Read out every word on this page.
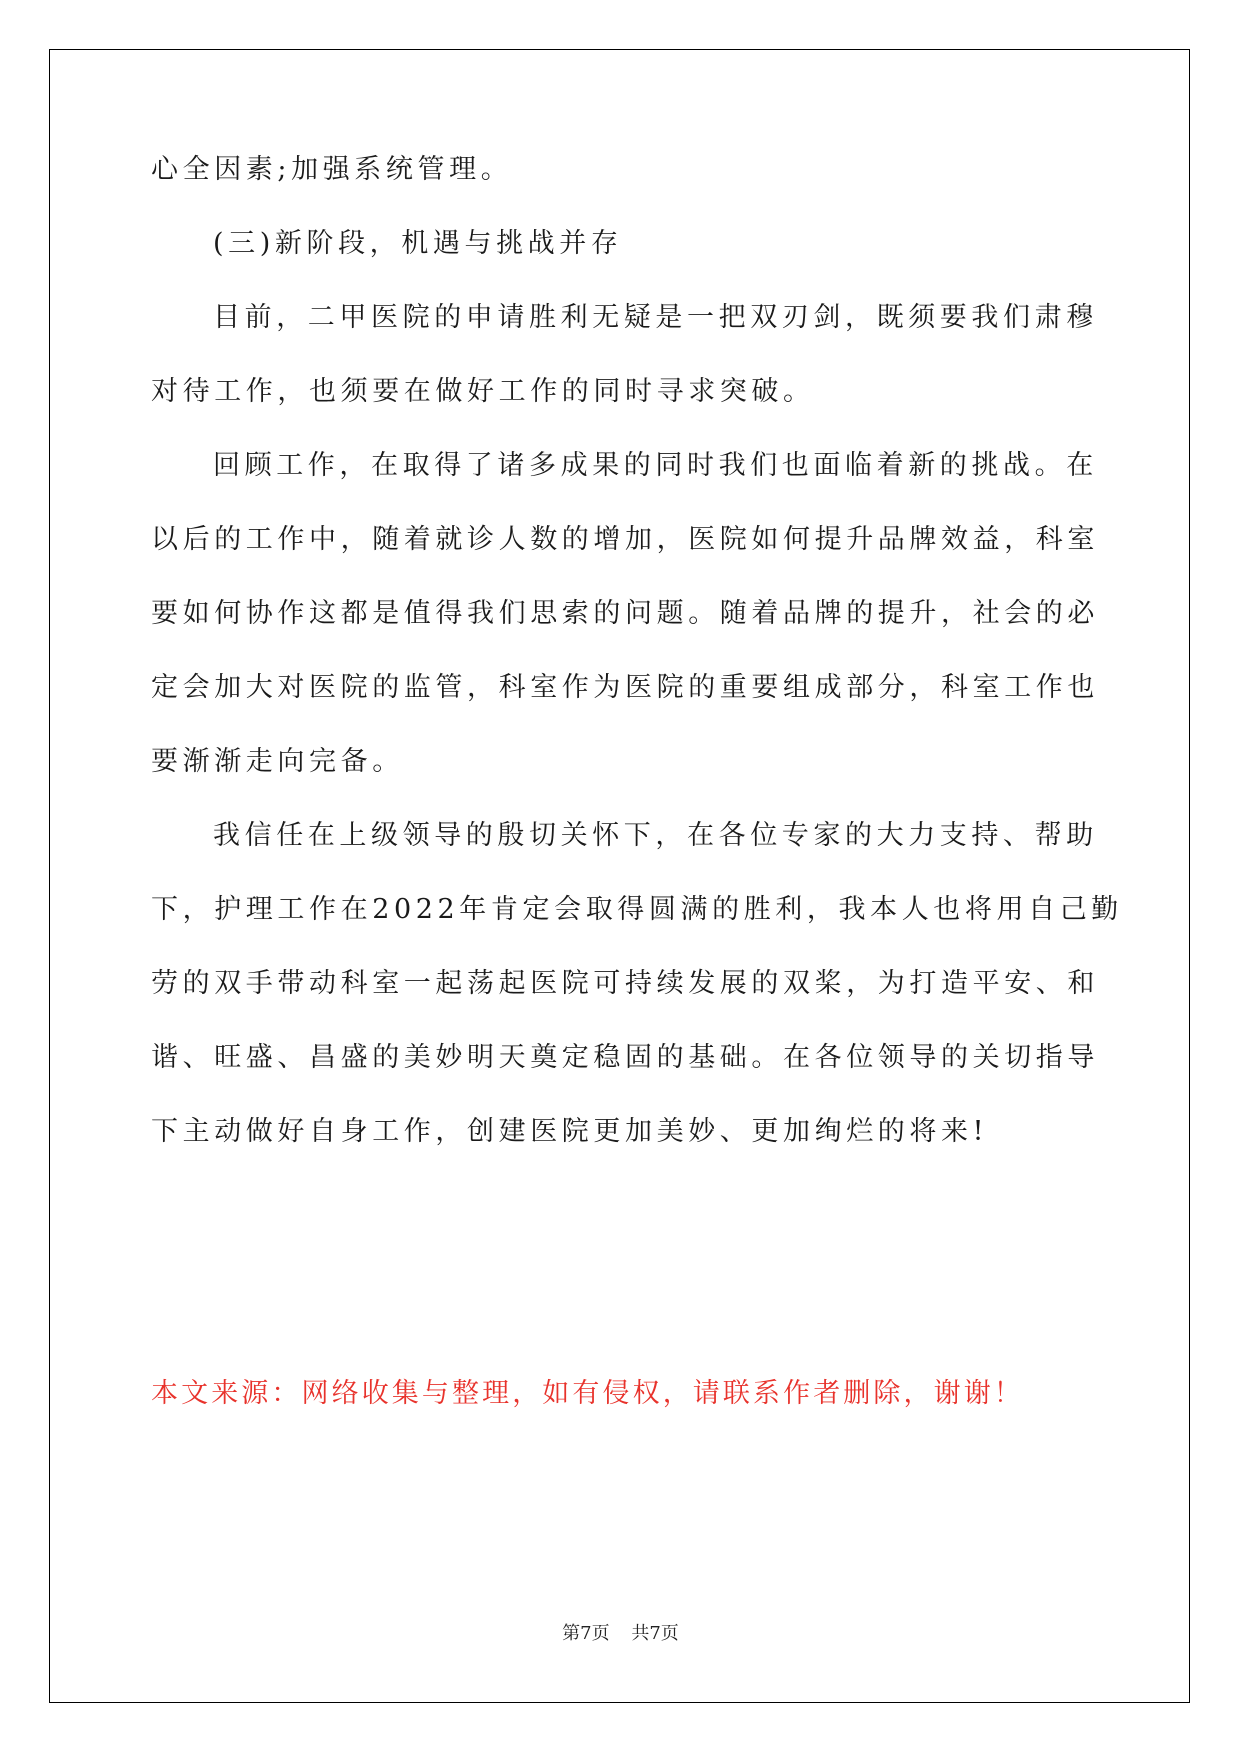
心全因素;加强系统管理。
(三)新阶段，机遇与挑战并存
目前，二甲医院的申请胜利无疑是一把双刃剑，既须要我们肃穆
对待工作，也须要在做好工作的同时寻求突破。
回顾工作，在取得了诸多成果的同时我们也面临着新的挑战。在
以后的工作中，随着就诊人数的增加，医院如何提升品牌效益，科室
要如何协作这都是值得我们思索的问题。随着品牌的提升，社会的必
定会加大对医院的监管，科室作为医院的重要组成部分，科室工作也
要渐渐走向完备。
我信任在上级领导的殷切关怀下，在各位专家的大力支持、帮助
下，护理工作在2022年肯定会取得圆满的胜利，我本人也将用自己勤
劳的双手带动科室一起荡起医院可持续发展的双桨，为打造平安、和
谐、旺盛、昌盛的美妙明天奠定稳固的基础。在各位领导的关切指导
下主动做好自身工作，创建医院更加美妙、更加绚烂的将来!
本文来源：网络收集与整理，如有侵权，请联系作者删除，谢谢！
第7页 共7页
